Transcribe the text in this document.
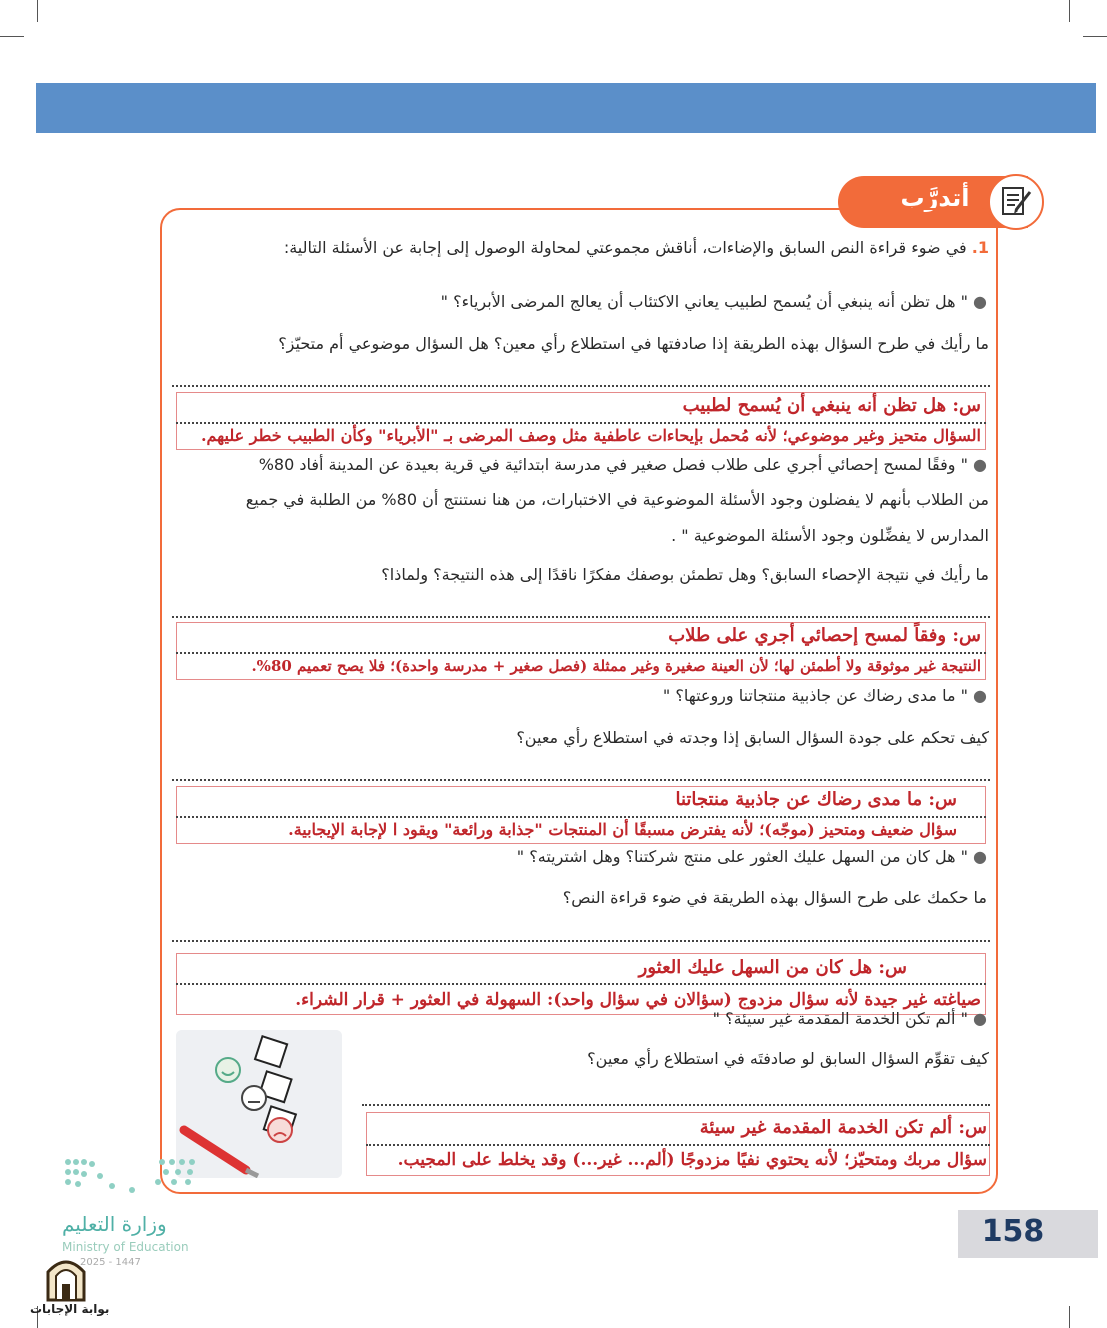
أتدرَّب
1. في ضوء قراءة النص السابق والإضاءات، أناقش مجموعتي لمحاولة الوصول إلى إجابة عن الأسئلة التالية:
● " هل تظن أنه ينبغي أن يُسمح لطبيب يعاني الاكتئاب أن يعالج المرضى الأبرياء؟ "
ما رأيك في طرح السؤال بهذه الطريقة إذا صادفتها في استطلاع رأي معين؟ هل السؤال موضوعي أم متحيّز؟
س: هل تظن أنه ينبغي أن يُسمح لطبيب
السؤال متحيز وغير موضوعي؛ لأنه مُحمل بإيحاءات عاطفية مثل وصف المرضى بـ "الأبرياء" وكأن الطبيب خطر عليهم.
● " وفقًا لمسح إحصائي أجري على طلاب فصل صغير في مدرسة ابتدائية في قرية بعيدة عن المدينة أفاد 80%
من الطلاب بأنهم لا يفضلون وجود الأسئلة الموضوعية في الاختبارات، من هنا نستنتج أن 80% من الطلبة في جميع
المدارس لا يفضِّلون وجود الأسئلة الموضوعية " .
ما رأيك في نتيجة الإحصاء السابق؟ وهل تطمئن بوصفك مفكرًا ناقدًا إلى هذه النتيجة؟ ولماذا؟
س: وفقاً لمسح إحصائي أجري على طلاب
النتيجة غير موثوقة ولا أطمئن لها؛ لأن العينة صغيرة وغير ممثلة (فصل صغير + مدرسة واحدة)؛ فلا يصح تعميم 80%.
● " ما مدى رضاك عن جاذبية منتجاتنا وروعتها؟ "
كيف تحكم على جودة السؤال السابق إذا وجدته في استطلاع رأي معين؟
س: ما مدى رضاك عن جاذبية منتجاتنا
سؤال ضعيف ومتحيز (موجّه)؛ لأنه يفترض مسبقًا أن المنتجات "جذابة ورائعة" ويقود ا لإجابة الإيجابية.
● " هل كان من السهل عليك العثور على منتج شركتنا؟ وهل اشتريته؟ "
ما حكمك على طرح السؤال بهذه الطريقة في ضوء قراءة النص؟
س: هل كان من السهل عليك العثور
صياغته غير جيدة لأنه سؤال مزدوج (سؤالان في سؤال واحد): السهولة في العثور + قرار الشراء.
● " ألم تكن الخدمة المقدمة غير سيئة؟ "
كيف تقوِّم السؤال السابق لو صادفتَه في استطلاع رأي معين؟
س: ألم تكن الخدمة المقدمة غير سيئة
سؤال مربك ومتحيّز؛ لأنه يحتوي نفيًا مزدوجًا (ألم... غير...) وقد يخلط على المجيب.
158
وزارة التعليم
Ministry of Education
2025 - 1447
بوابة الإجابات
